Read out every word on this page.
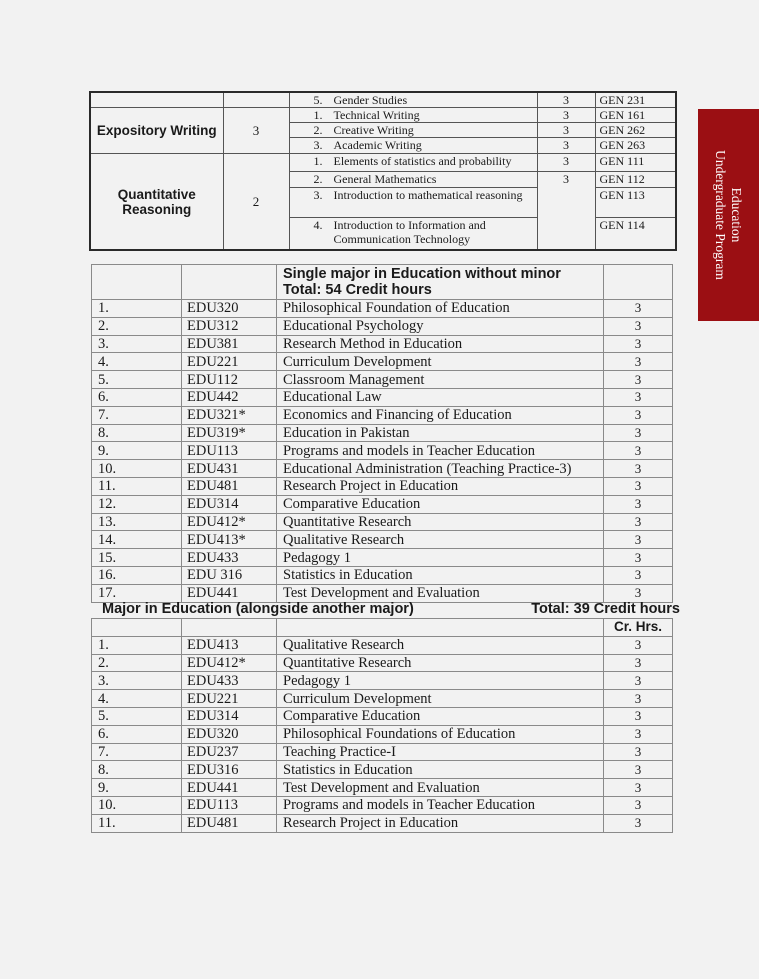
Education
Undergraduate Program

		5. Gender Studies	3	GEN 231
Expository Writing	3	1. Technical Writing	3	GEN 161

		2. Creative Writing	3	GEN 262

		3. Academic Writing	3	GEN 263
Quantitative Reasoning	2	1. Elements of statistics and probability	3	GEN 111

		2. General Mathematics	3	GEN 112

		3. Introduction to mathematical reasoning		GEN 113

		4. Introduction to Information and Communication Technology		GEN 114

		Single major in Education without minor
Total: 54 Credit hours	

1.	EDU320	Philosophical Foundation of Education	3
2.	EDU312	Educational Psychology	3
3.	EDU381	Research Method in Education	3
4.	EDU221	Curriculum Development	3
5.	EDU112	Classroom Management	3
6.	EDU442	Educational Law	3
7.	EDU321*	Economics and Financing of Education	3
8.	EDU319*	Education in Pakistan	3
9.	EDU113	Programs and models in Teacher Education	3
10.	EDU431	Educational Administration (Teaching Practice-3)	3
11.	EDU481	Research Project in Education	3
12.	EDU314	Comparative Education	3
13.	EDU412*	Quantitative Research	3
14.	EDU413*	Qualitative Research	3
15.	EDU433	Pedagogy 1	3
16.	EDU 316	Statistics in Education	3
17.	EDU441	Test Development and Evaluation	3
Major in Education (alongside another major)	Total: 39 Credit hours
			Cr. Hrs.
1.	EDU413	Qualitative Research	3
2.	EDU412*	Quantitative Research	3
3.	EDU433	Pedagogy 1	3
4.	EDU221	Curriculum Development	3
5.	EDU314	Comparative Education	3
6.	EDU320	Philosophical Foundations of Education	3
7.	EDU237	Teaching Practice-I	3
8.	EDU316	Statistics in Education	3
9.	EDU441	Test Development and Evaluation	3
10.	EDU113	Programs and models in Teacher Education	3
11.	EDU481	Research Project in Education	3
